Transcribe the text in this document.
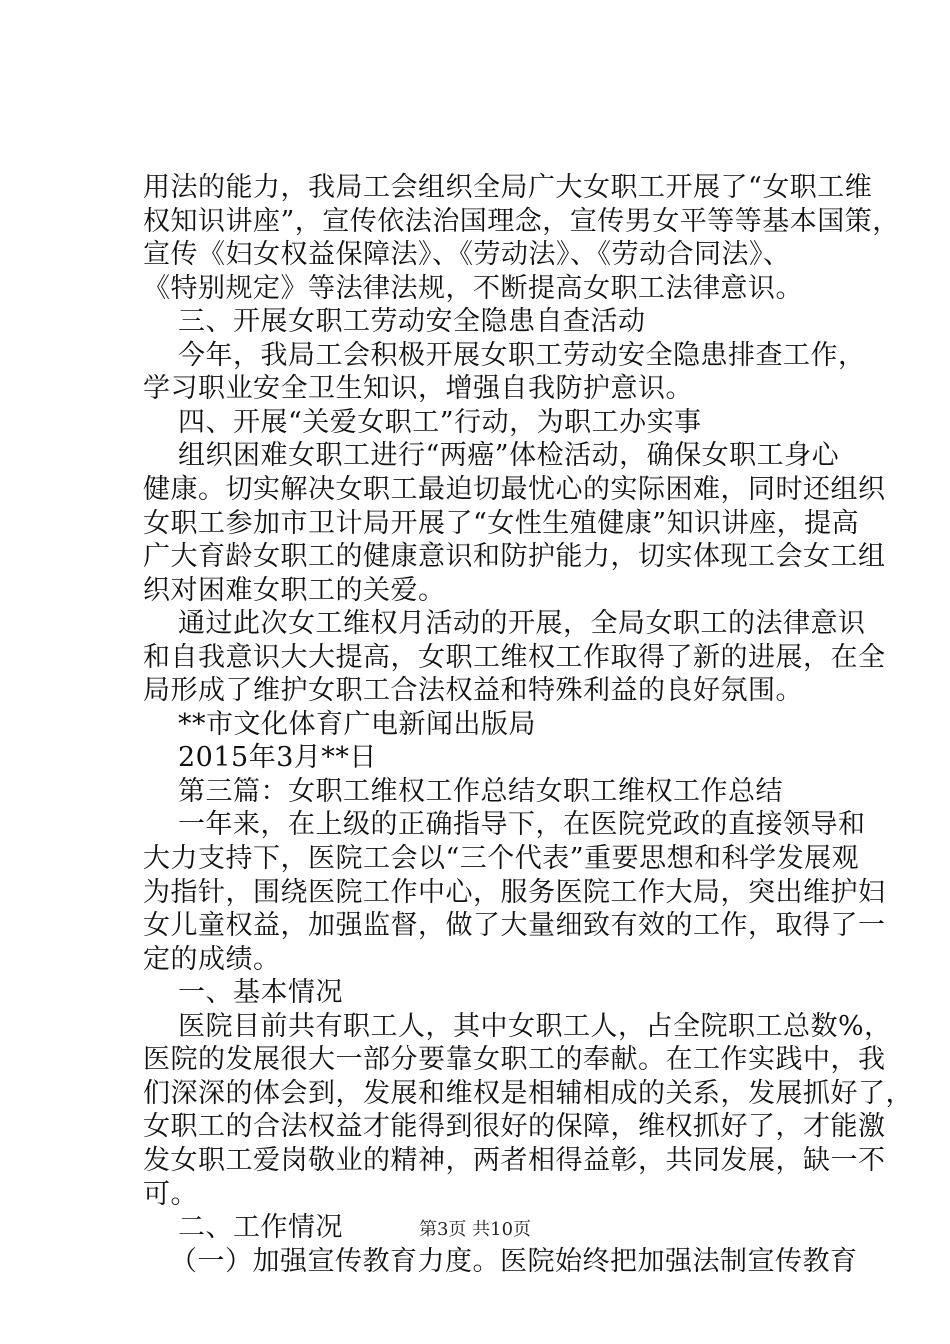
用法的能力，我局工会组织全局广大女职工开展了“女职工维
权知识讲座”，宣传依法治国理念，宣传男女平等等基本国策，
宣传《妇女权益保障法》、《劳动法》、《劳动合同法》、
《特别规定》等法律法规，不断提高女职工法律意识。
三、开展女职工劳动安全隐患自查活动
今年，我局工会积极开展女职工劳动安全隐患排查工作，
学习职业安全卫生知识，增强自我防护意识。
四、开展“关爱女职工”行动，为职工办实事
组织困难女职工进行“两癌”体检活动，确保女职工身心
健康。切实解决女职工最迫切最忧心的实际困难，同时还组织
女职工参加市卫计局开展了“女性生殖健康”知识讲座，提高
广大育龄女职工的健康意识和防护能力，切实体现工会女工组
织对困难女职工的关爱。
通过此次女工维权月活动的开展，全局女职工的法律意识
和自我意识大大提高，女职工维权工作取得了新的进展，在全
局形成了维护女职工合法权益和特殊利益的良好氛围。
**市文化体育广电新闻出版局
2015年3月**日
第三篇：女职工维权工作总结女职工维权工作总结
一年来，在上级的正确指导下，在医院党政的直接领导和
大力支持下，医院工会以“三个代表”重要思想和科学发展观
为指针，围绕医院工作中心，服务医院工作大局，突出维护妇
女儿童权益，加强监督，做了大量细致有效的工作，取得了一
定的成绩。
一、基本情况
医院目前共有职工人，其中女职工人，占全院职工总数%，
医院的发展很大一部分要靠女职工的奉献。在工作实践中，我
们深深的体会到，发展和维权是相辅相成的关系，发展抓好了，
女职工的合法权益才能得到很好的保障，维权抓好了，才能激
发女职工爱岗敬业的精神，两者相得益彰，共同发展，缺一不
可。
二、工作情况
（一）加强宣传教育力度。医院始终把加强法制宣传教育
第3页 共10页
